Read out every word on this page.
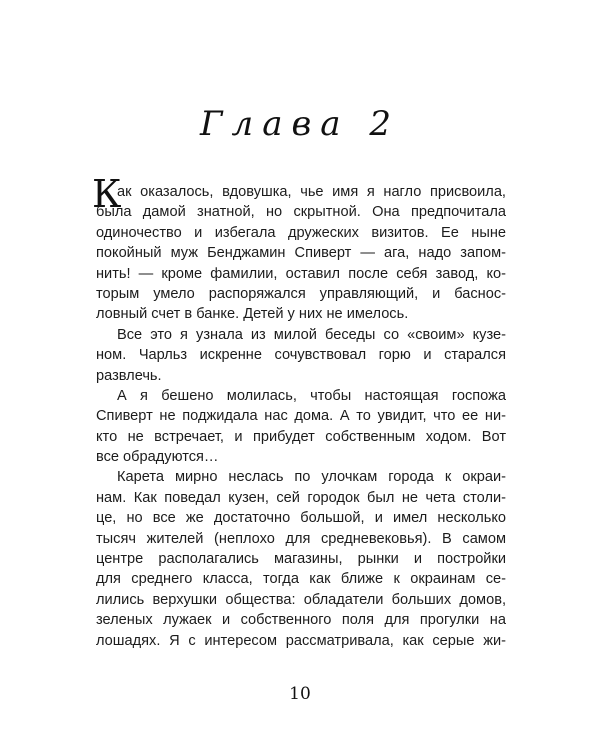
Глава 2
К
ак оказалось, вдовушка, чье имя я нагло присвоила,
была дамой знатной, но скрытной. Она предпочитала
одиночество и избегала дружеских визитов. Ее ныне
покойный муж Бенджамин Спиверт — ага, надо запом-
нить! — кроме фамилии, оставил после себя завод, ко-
торым умело распоряжался управляющий, и баснос-
ловный счет в банке. Детей у них не имелось.
Все это я узнала из милой беседы со «своим» кузе-
ном. Чарльз искренне сочувствовал горю и старался
развлечь.
А я бешено молилась, чтобы настоящая госпожа
Спиверт не поджидала нас дома. А то увидит, что ее ни-
кто не встречает, и прибудет собственным ходом. Вот
все обрадуются…
Карета мирно неслась по улочкам города к окраи-
нам. Как поведал кузен, сей городок был не чета столи-
це, но все же достаточно большой, и имел несколько
тысяч жителей (неплохо для средневековья). В самом
центре располагались магазины, рынки и постройки
для среднего класса, тогда как ближе к окраинам се-
лились верхушки общества: обладатели больших домов,
зеленых лужаек и собственного поля для прогулки на
лошадях. Я с интересом рассматривала, как серые жи-
10
